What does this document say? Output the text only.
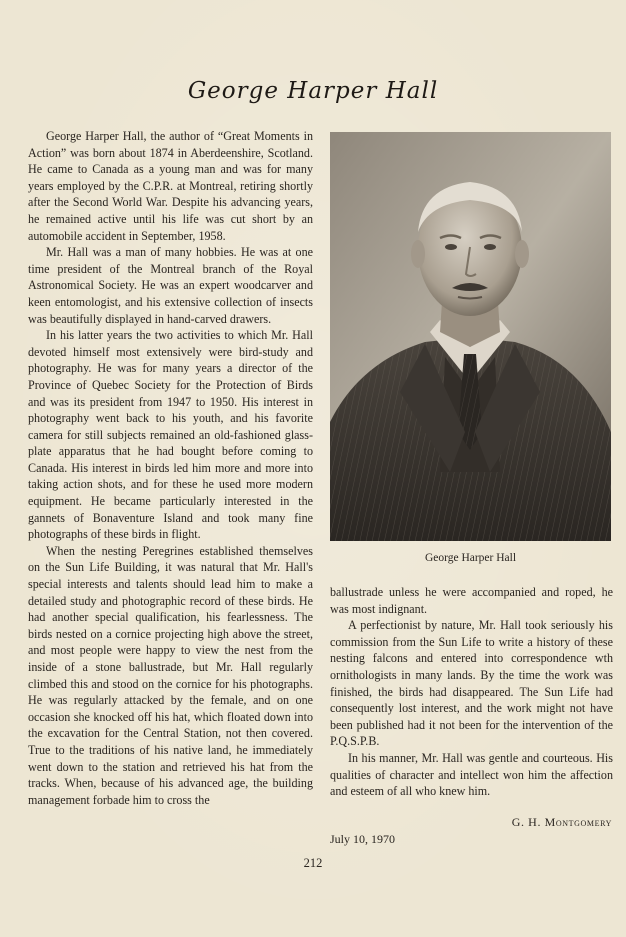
George Harper Hall

George Harper Hall, the author of “Great Moments in Action” was born about 1874 in Aberdeenshire, Scotland. He came to Canada as a young man and was for many years employed by the C.P.R. at Montreal, retiring shortly after the Second World War. Despite his advancing years, he remained active until his life was cut short by an automobile accident in September, 1958.

Mr. Hall was a man of many hobbies. He was at one time president of the Montreal branch of the Royal Astronomical Society. He was an expert woodcarver and keen entomologist, and his extensive collection of insects was beautifully displayed in hand-carved drawers.

In his latter years the two activities to which Mr. Hall devoted himself most extensively were bird-study and photography. He was for many years a director of the Province of Quebec Society for the Protection of Birds and was its president from 1947 to 1950. His interest in photography went back to his youth, and his favorite camera for still subjects remained an old-fashioned glassplate apparatus that he had bought before coming to Canada. His interest in birds led him more and more into taking action shots, and for these he used more modern equipment. He became particularly interested in the gannets of Bonaventure Island and took many fine photographs of these birds in flight.

When the nesting Peregrines established themselves on the Sun Life Building, it was natural that Mr. Hall's special interests and talents should lead him to make a detailed study and photographic record of these birds. He had another special qualification, his fearlessness. The birds nested on a cornice projecting high above the street, and most people were happy to view the nest from the inside of a stone ballustrade, but Mr. Hall regularly climbed this and stood on the cornice for his photographs. He was regularly attacked by the female, and on one occasion she knocked off his hat, which floated down into the excavation for the Central Station, not then covered. True to the traditions of his native land, he immediately went down to the station and retrieved his hat from the tracks. When, because of his advanced age, the building management forbade him to cross the

George Harper Hall

ballustrade unless he were accompanied and roped, he was most indignant.

A perfectionist by nature, Mr. Hall took seriously his commission from the Sun Life to write a history of these nesting falcons and entered into correspondence wth ornithologists in many lands. By the time the work was finished, the birds had disappeared. The Sun Life had consequently lost interest, and the work might not have been published had it not been for the intervention of the P.Q.S.P.B.

In his manner, Mr. Hall was gentle and courteous. His qualities of character and intellect won him the affection and esteem of all who knew him.

G. H. Montgomery
July 10, 1970
212
